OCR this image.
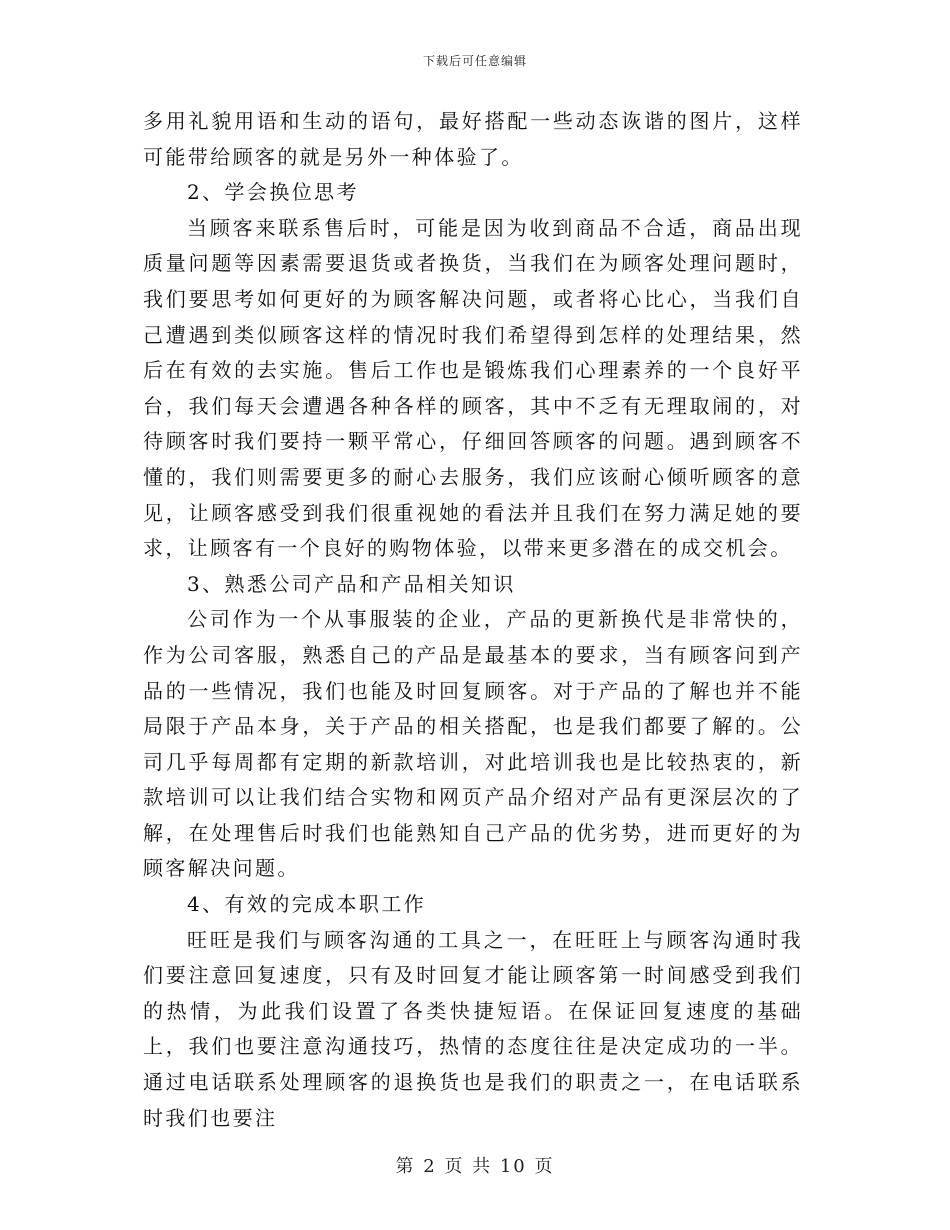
下载后可任意编辑

多用礼貌用语和生动的语句，最好搭配一些动态诙谐的图片，这样可能带给顾客的就是另外一种体验了。

2、学会换位思考

当顾客来联系售后时，可能是因为收到商品不合适，商品出现质量问题等因素需要退货或者换货，当我们在为顾客处理问题时，我们要思考如何更好的为顾客解决问题，或者将心比心，当我们自己遭遇到类似顾客这样的情况时我们希望得到怎样的处理结果，然后在有效的去实施。售后工作也是锻炼我们心理素养的一个良好平台，我们每天会遭遇各种各样的顾客，其中不乏有无理取闹的，对待顾客时我们要持一颗平常心，仔细回答顾客的问题。遇到顾客不懂的，我们则需要更多的耐心去服务，我们应该耐心倾听顾客的意见，让顾客感受到我们很重视她的看法并且我们在努力满足她的要求，让顾客有一个良好的购物体验，以带来更多潜在的成交机会。

3、熟悉公司产品和产品相关知识

公司作为一个从事服装的企业，产品的更新换代是非常快的，作为公司客服，熟悉自己的产品是最基本的要求，当有顾客问到产品的一些情况，我们也能及时回复顾客。对于产品的了解也并不能局限于产品本身，关于产品的相关搭配，也是我们都要了解的。公司几乎每周都有定期的新款培训，对此培训我也是比较热衷的，新款培训可以让我们结合实物和网页产品介绍对产品有更深层次的了解，在处理售后时我们也能熟知自己产品的优劣势，进而更好的为顾客解决问题。

4、有效的完成本职工作

旺旺是我们与顾客沟通的工具之一，在旺旺上与顾客沟通时我们要注意回复速度，只有及时回复才能让顾客第一时间感受到我们的热情，为此我们设置了各类快捷短语。在保证回复速度的基础上，我们也要注意沟通技巧，热情的态度往往是决定成功的一半。通过电话联系处理顾客的退换货也是我们的职责之一，在电话联系时我们也要注

第 2 页 共 10 页
